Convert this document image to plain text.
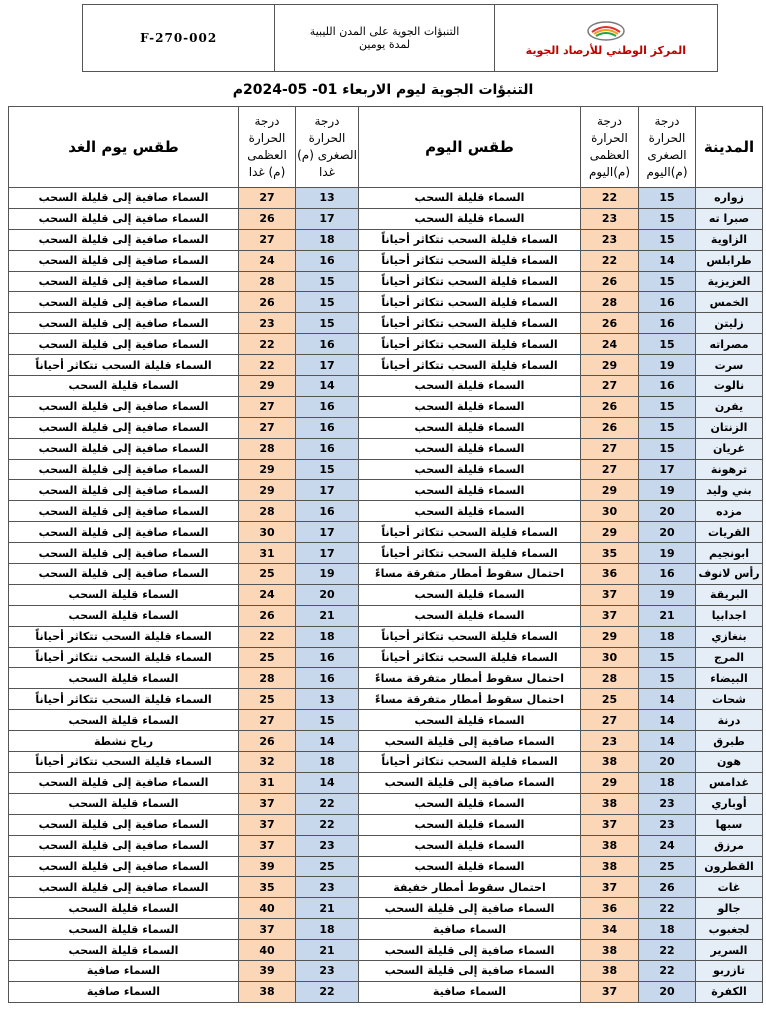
F-270-002	التنبؤات الجوية على المدن الليبية
لمدة يومين	المركز الوطني للأرصاد الجوية
التنبؤات الجوية ليوم الاربعاء 01- 05-2024م
المدينة	درجة الحرارة الصغرى (م)اليوم	درجة الحرارة العظمى (م)اليوم	طقس اليوم	درجة الحرارة الصغرى (م) غدا	درجة الحرارة العظمى (م) غدا	طقس يوم الغد
زواره	15	22	السماء قليلة السحب	13	27	السماء صافية إلى قليلة السحب
صبرا ته	15	23	السماء قليلة السحب	17	26	السماء صافية إلى قليلة السحب
الزاوية	15	23	السماء قليلة السحب تتكاثر أحياناً	18	27	السماء صافية إلى قليلة السحب
طرابلس	14	22	السماء قليلة السحب تتكاثر أحياناً	16	24	السماء صافية إلى قليلة السحب
العزيزية	15	26	السماء قليلة السحب تتكاثر أحياناً	15	28	السماء صافية إلى قليلة السحب
الخمس	16	28	السماء قليلة السحب تتكاثر أحياناً	15	26	السماء صافية إلى قليلة السحب
زليتن	16	26	السماء قليلة السحب تتكاثر أحياناً	15	23	السماء صافية إلى قليلة السحب
مصراته	15	24	السماء قليلة السحب تتكاثر أحياناً	16	22	السماء صافية إلى قليلة السحب
سرت	19	29	السماء قليلة السحب تتكاثر أحياناً	17	22	السماء قليلة السحب تتكاثر أحياناً
نالوت	16	27	السماء قليلة السحب	14	29	السماء قليلة السحب
يفرن	15	26	السماء قليلة السحب	16	27	السماء صافية إلى قليلة السحب
الزنتان	15	26	السماء قليلة السحب	16	27	السماء صافية إلى قليلة السحب
غريان	15	27	السماء قليلة السحب	16	28	السماء صافية إلى قليلة السحب
ترهونة	17	27	السماء قليلة السحب	15	29	السماء صافية إلى قليلة السحب
بني وليد	19	29	السماء قليلة السحب	17	29	السماء صافية إلى قليلة السحب
مزده	20	30	السماء قليلة السحب	16	28	السماء صافية إلى قليلة السحب
القريات	20	29	السماء قليلة السحب تتكاثر أحياناً	17	30	السماء صافية إلى قليلة السحب
ابونجيم	19	35	السماء قليلة السحب تتكاثر أحياناً	17	31	السماء صافية إلى قليلة السحب
رأس لانوف	16	36	احتمال سقوط أمطار متفرقة مساءً	19	25	السماء صافية إلى قليلة السحب
البريقة	19	37	السماء قليلة السحب	20	24	السماء قليلة السحب
اجدابيا	21	37	السماء قليلة السحب	21	26	السماء قليلة السحب
بنغازي	18	29	السماء قليلة السحب تتكاثر أحياناً	18	22	السماء قليلة السحب تتكاثر أحياناً
المرج	15	30	السماء قليلة السحب تتكاثر أحياناً	16	25	السماء قليلة السحب تتكاثر أحياناً
البيضاء	15	28	احتمال سقوط أمطار متفرقة مساءً	16	28	السماء قليلة السحب
شحات	14	25	احتمال سقوط أمطار متفرقة مساءً	13	25	السماء قليلة السحب تتكاثر أحياناً
درنة	14	27	السماء قليلة السحب	15	27	السماء قليلة السحب
طبرق	14	23	السماء صافية إلى قليلة السحب	14	26	رياح نشطة
هون	20	38	السماء قليلة السحب تتكاثر أحياناً	18	32	السماء قليلة السحب تتكاثر أحياناً
غدامس	18	29	السماء صافية إلى قليلة السحب	14	31	السماء صافية إلى قليلة السحب
أوباري	23	38	السماء قليلة السحب	22	37	السماء قليلة السحب
سبها	23	37	السماء قليلة السحب	22	37	السماء صافية إلى قليلة السحب
مرزق	24	38	السماء قليلة السحب	23	37	السماء صافية إلى قليلة السحب
القطرون	25	38	السماء قليلة السحب	25	39	السماء صافية إلى قليلة السحب
غات	26	37	احتمال سقوط أمطار خفيفة	23	35	السماء صافية إلى قليلة السحب
جالو	22	36	السماء صافية إلى قليلة السحب	21	40	السماء قليلة السحب
لجغبوب	18	34	السماء صافية	18	37	السماء قليلة السحب
السرير	22	38	السماء صافية إلى قليلة السحب	21	40	السماء قليلة السحب
تازربو	22	38	السماء صافية إلى قليلة السحب	23	39	السماء صافية
الكفرة	20	37	السماء صافية	22	38	السماء صافية
